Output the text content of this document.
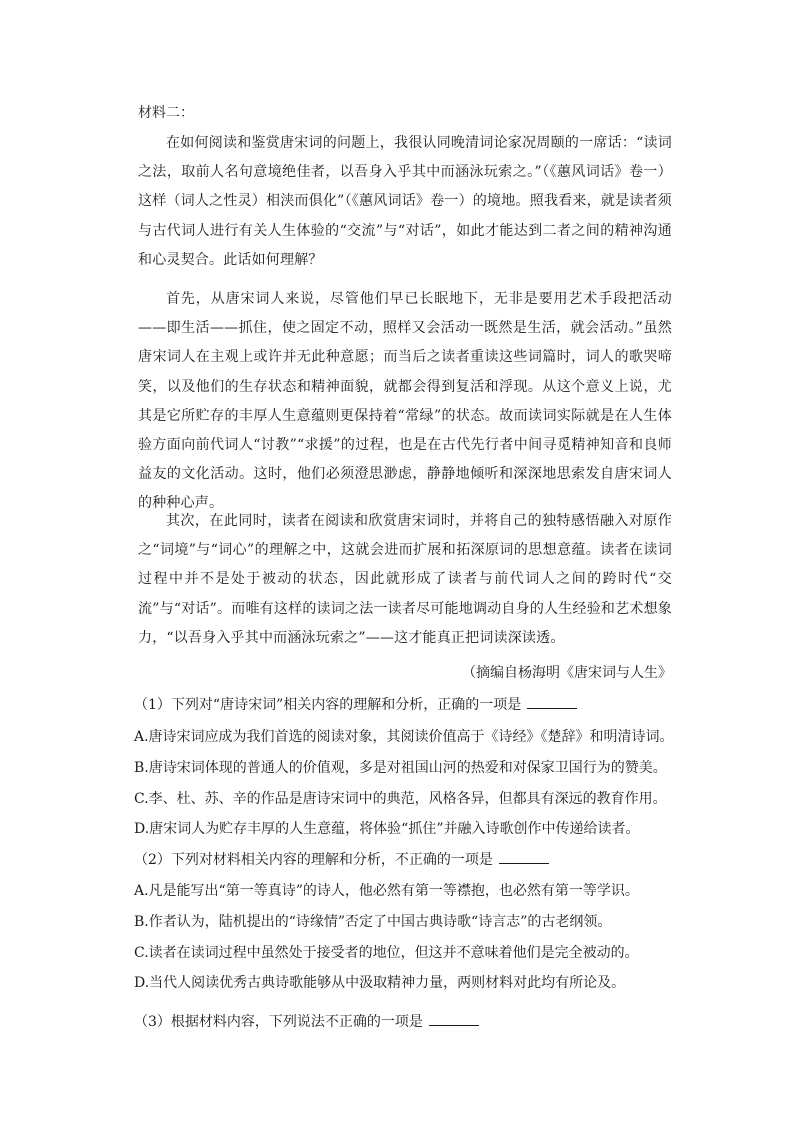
材料二：

在如何阅读和鉴赏唐宋词的问题上，我很认同晚清词论家况周颐的一席话：“读词之法，取前人名句意境绝佳者，以吾身入乎其中而涵泳玩索之。”（《蕙风词话》卷一）这样（词人之性灵）相浃而俱化”（《蕙风词话》卷一）的境地。照我看来，就是读者须与古代词人进行有关人生体验的“交流”与“对话”，如此才能达到二者之间的精神沟通和心灵契合。此话如何理解？

首先，从唐宋词人来说，尽管他们早已长眠地下，无非是要用艺术手段把活动——即生活——抓住，使之固定不动，照样又会活动一既然是生活，就会活动。”虽然唐宋词人在主观上或许并无此种意愿；而当后之读者重读这些词篇时，词人的歌哭啼笑，以及他们的生存状态和精神面貌，就都会得到复活和浮现。从这个意义上说，尤其是它所贮存的丰厚人生意蕴则更保持着“常绿”的状态。故而读词实际就是在人生体验方面向前代词人“讨教”“求援”的过程，也是在古代先行者中间寻觅精神知音和良师益友的文化活动。这时，他们必须澄思渺虑，静静地倾听和深深地思索发自唐宋词人的种种心声。

其次，在此同时，读者在阅读和欣赏唐宋词时，并将自己的独特感悟融入对原作之“词境”与“词心”的理解之中，这就会进而扩展和拓深原词的思想意蕴。读者在读词过程中并不是处于被动的状态，因此就形成了读者与前代词人之间的跨时代“交流”与“对话”。而唯有这样的读词之法一读者尽可能地调动自身的人生经验和艺术想象力，“以吾身入乎其中而涵泳玩索之”——这才能真正把词读深读透。

（摘编自杨海明《唐宋词与人生》
（1）下列对“唐诗宋词”相关内容的理解和分析，正确的一项是
A.唐诗宋词应成为我们首选的阅读对象，其阅读价值高于《诗经》《楚辞》和明清诗词。
B.唐诗宋词体现的普通人的价值观，多是对祖国山河的热爱和对保家卫国行为的赞美。
C.李、杜、苏、辛的作品是唐诗宋词中的典范，风格各异，但都具有深远的教育作用。
D.唐宋词人为贮存丰厚的人生意蕴，将体验“抓住”并融入诗歌创作中传递给读者。
（2）下列对材料相关内容的理解和分析，不正确的一项是
A.凡是能写出“第一等真诗”的诗人，他必然有第一等襟抱，也必然有第一等学识。
B.作者认为，陆机提出的“诗缘情”否定了中国古典诗歌“诗言志”的古老纲领。
C.读者在读词过程中虽然处于接受者的地位，但这并不意味着他们是完全被动的。
D.当代人阅读优秀古典诗歌能够从中汲取精神力量，两则材料对此均有所论及。
（3）根据材料内容，下列说法不正确的一项是
